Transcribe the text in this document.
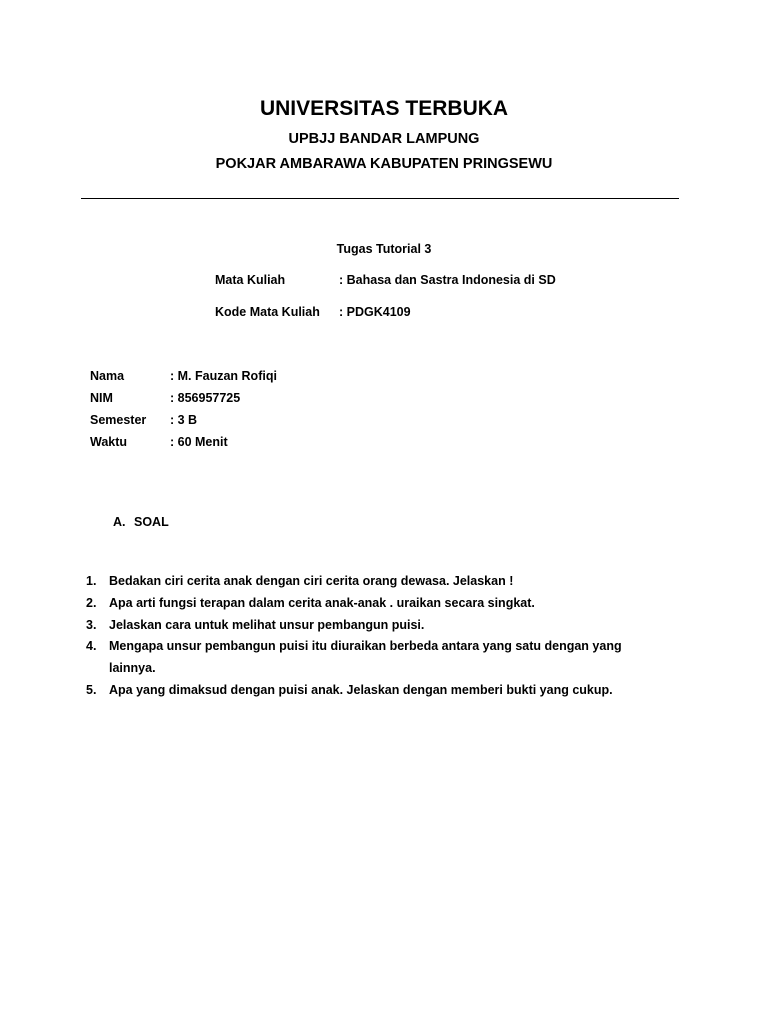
UNIVERSITAS TERBUKA
UPBJJ BANDAR LAMPUNG
POKJAR AMBARAWA KABUPATEN PRINGSEWU
Tugas Tutorial 3
Mata Kuliah	: Bahasa dan Sastra Indonesia di SD
Kode Mata Kuliah : PDGK4109
Nama	: M. Fauzan Rofiqi
NIM	: 856957725
Semester : 3 B
Waktu	: 60 Menit
A. SOAL
1. Bedakan ciri cerita anak dengan ciri cerita orang dewasa. Jelaskan !
2. Apa arti fungsi terapan dalam cerita anak-anak . uraikan secara singkat.
3. Jelaskan cara untuk melihat unsur pembangun puisi.
4. Mengapa unsur pembangun puisi itu diuraikan berbeda antara yang satu dengan yang
lainnya.
5. Apa yang dimaksud dengan puisi anak. Jelaskan dengan memberi bukti yang cukup.
